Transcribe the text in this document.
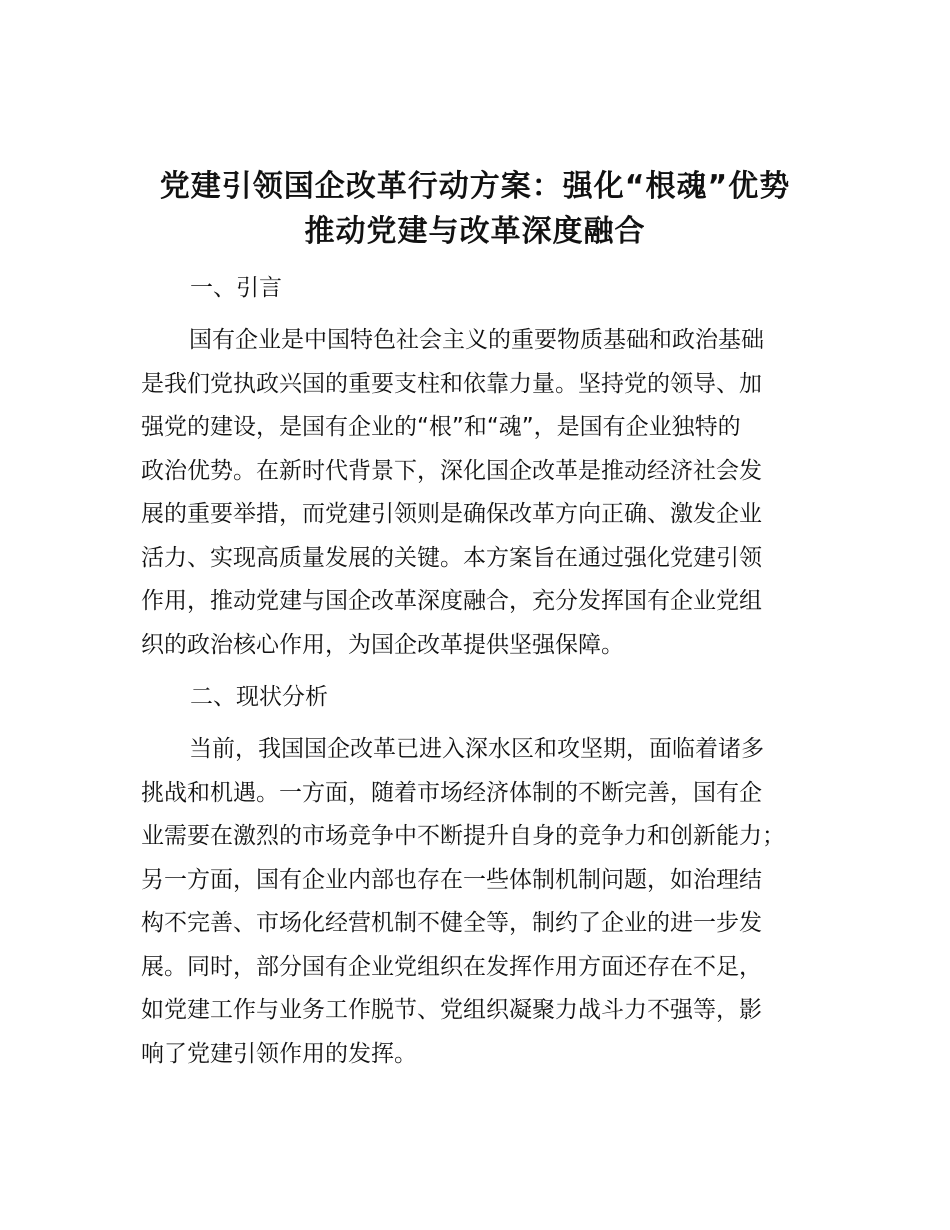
党建引领国企改革行动方案：强化“根魂”优势
推动党建与改革深度融合
一、引言
国有企业是中国特色社会主义的重要物质基础和政治基础
是我们党执政兴国的重要支柱和依靠力量。坚持党的领导、加
强党的建设，是国有企业的“根”和“魂”，是国有企业独特的
政治优势。在新时代背景下，深化国企改革是推动经济社会发
展的重要举措，而党建引领则是确保改革方向正确、激发企业
活力、实现高质量发展的关键。本方案旨在通过强化党建引领
作用，推动党建与国企改革深度融合，充分发挥国有企业党组
织的政治核心作用，为国企改革提供坚强保障。
二、现状分析
当前，我国国企改革已进入深水区和攻坚期，面临着诸多
挑战和机遇。一方面，随着市场经济体制的不断完善，国有企
业需要在激烈的市场竞争中不断提升自身的竞争力和创新能力；
另一方面，国有企业内部也存在一些体制机制问题，如治理结
构不完善、市场化经营机制不健全等，制约了企业的进一步发
展。同时，部分国有企业党组织在发挥作用方面还存在不足，
如党建工作与业务工作脱节、党组织凝聚力战斗力不强等，影
响了党建引领作用的发挥。
